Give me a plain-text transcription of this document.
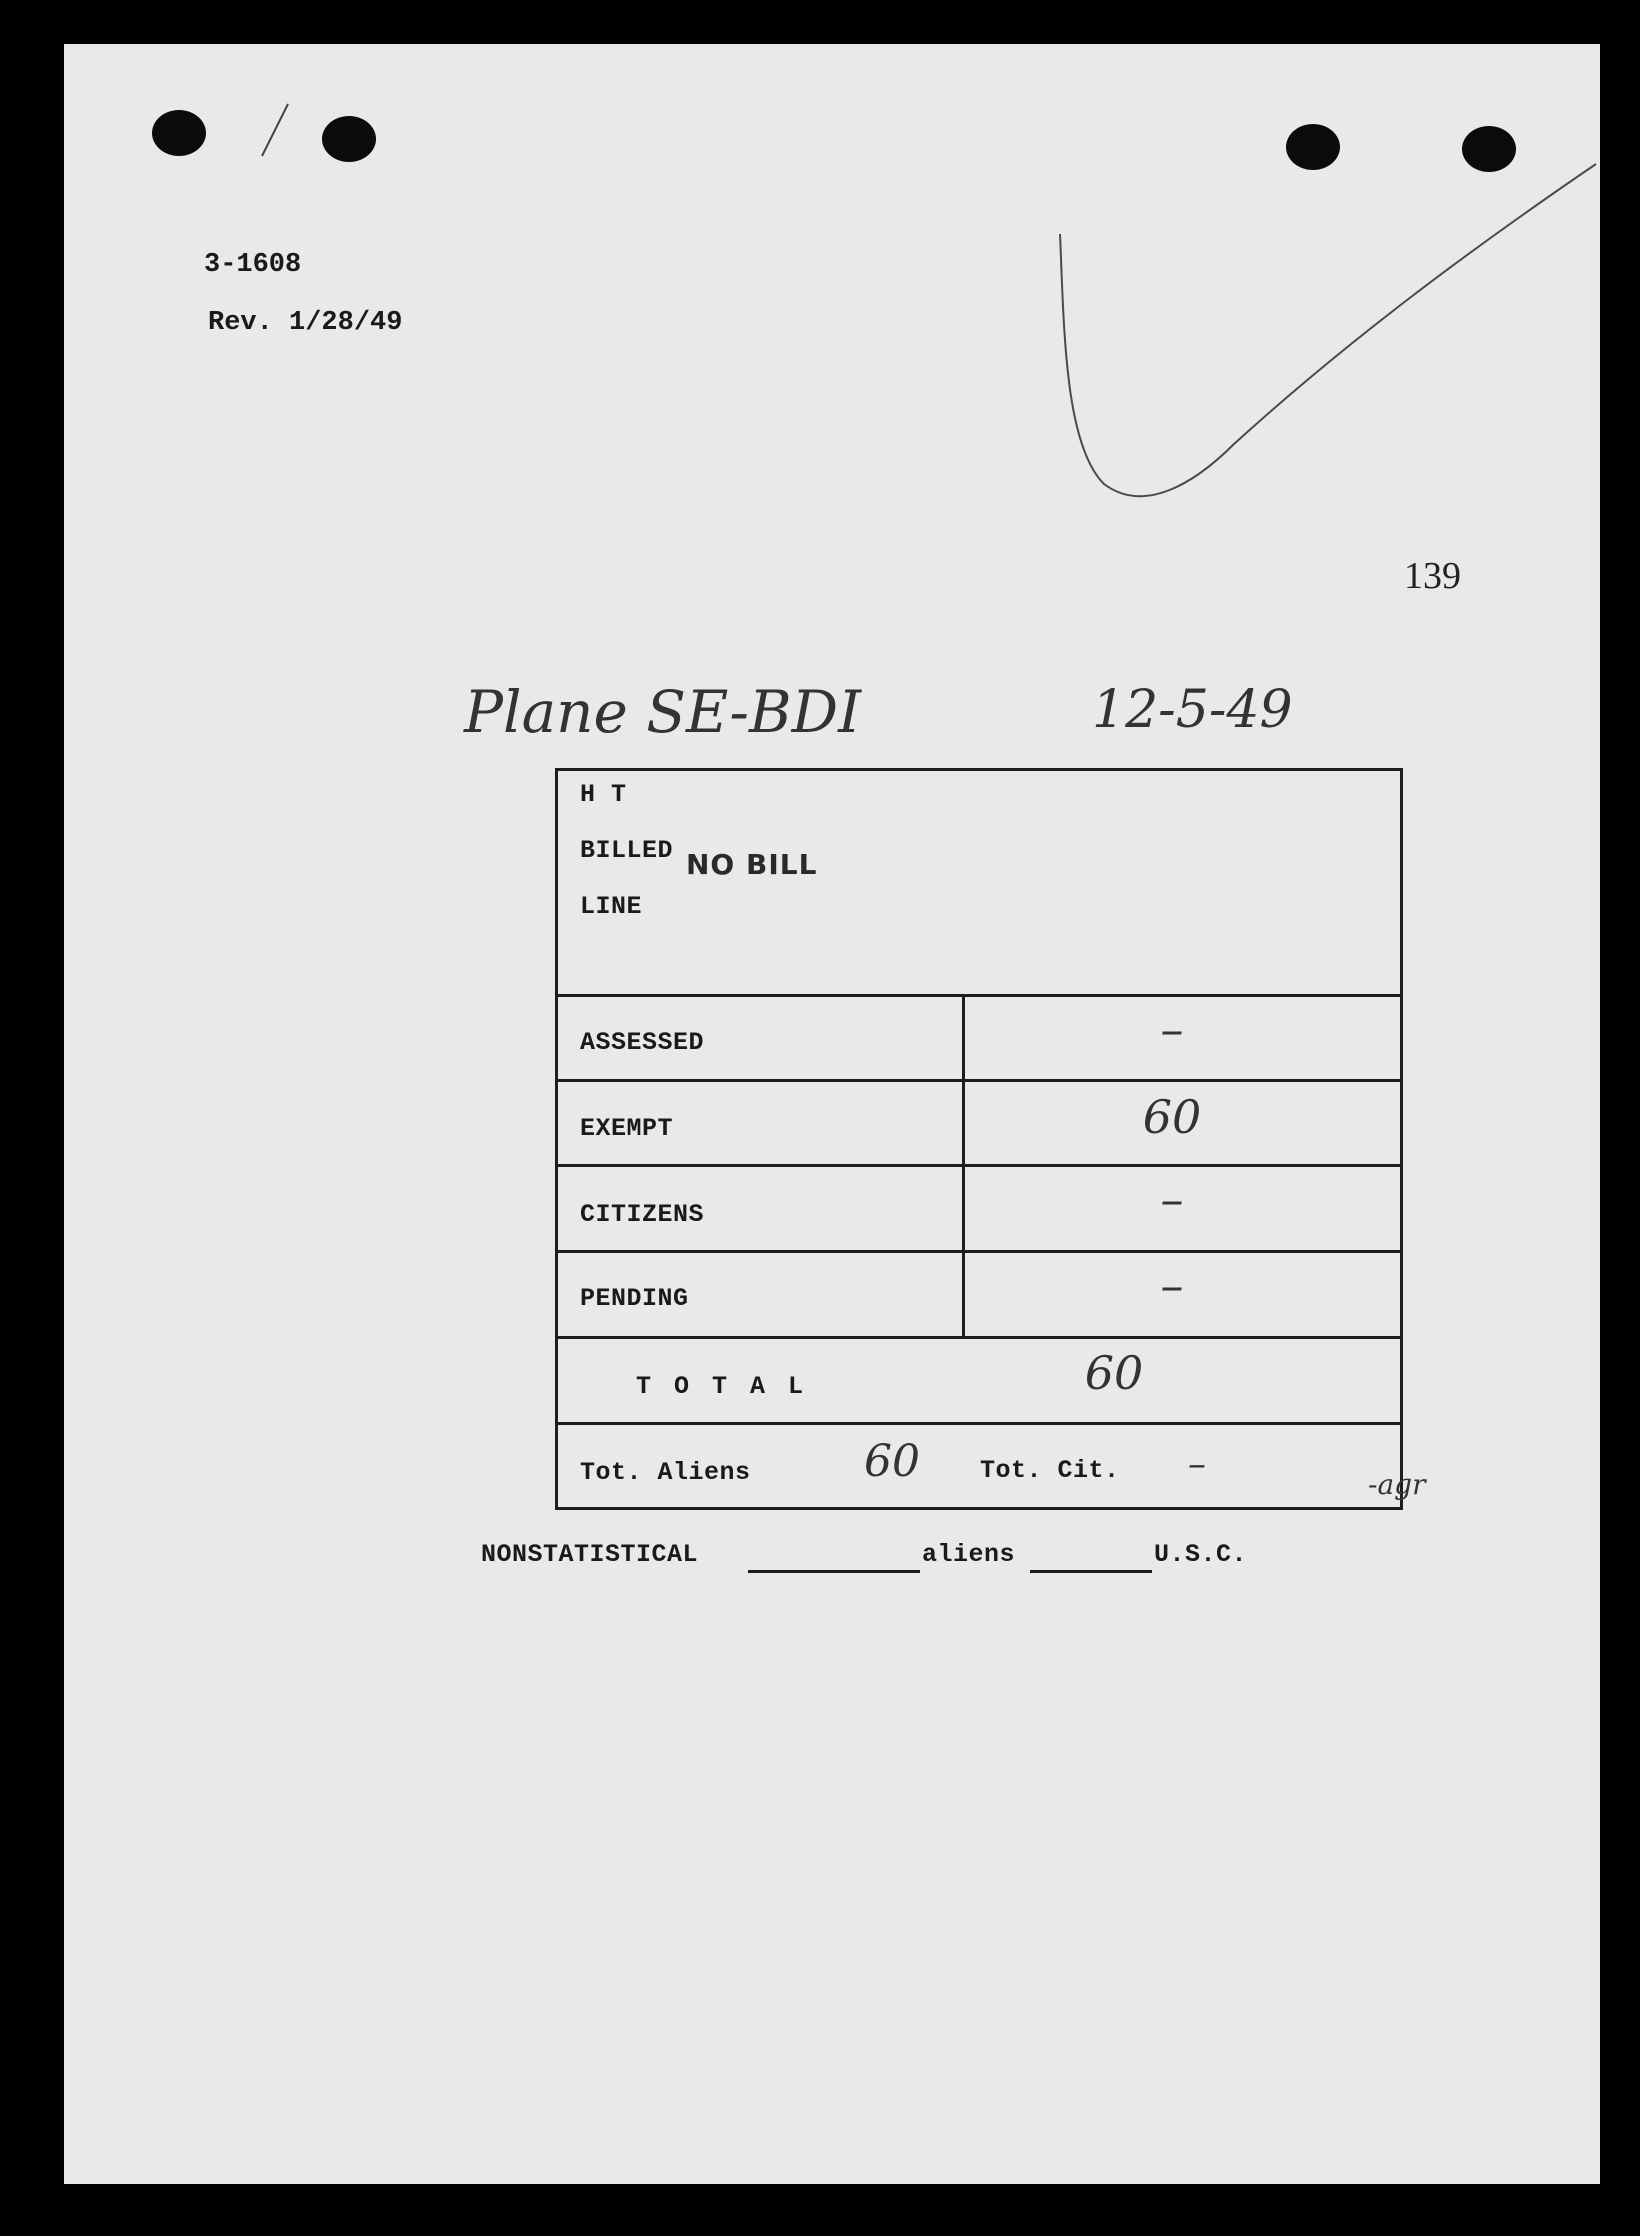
3-1608
Rev. 1/28/49
139
Plane SE-BDI	12-5-49
H T
BILLED
LINE
NO BILL
ASSESSED	–
EXEMPT	60
CITIZENS	–
PENDING	–
T O T A L	60
Tot. Aliens	60 Tot. Cit. –	-agr
NONSTATISTICAL	aliens	U.S.C.
